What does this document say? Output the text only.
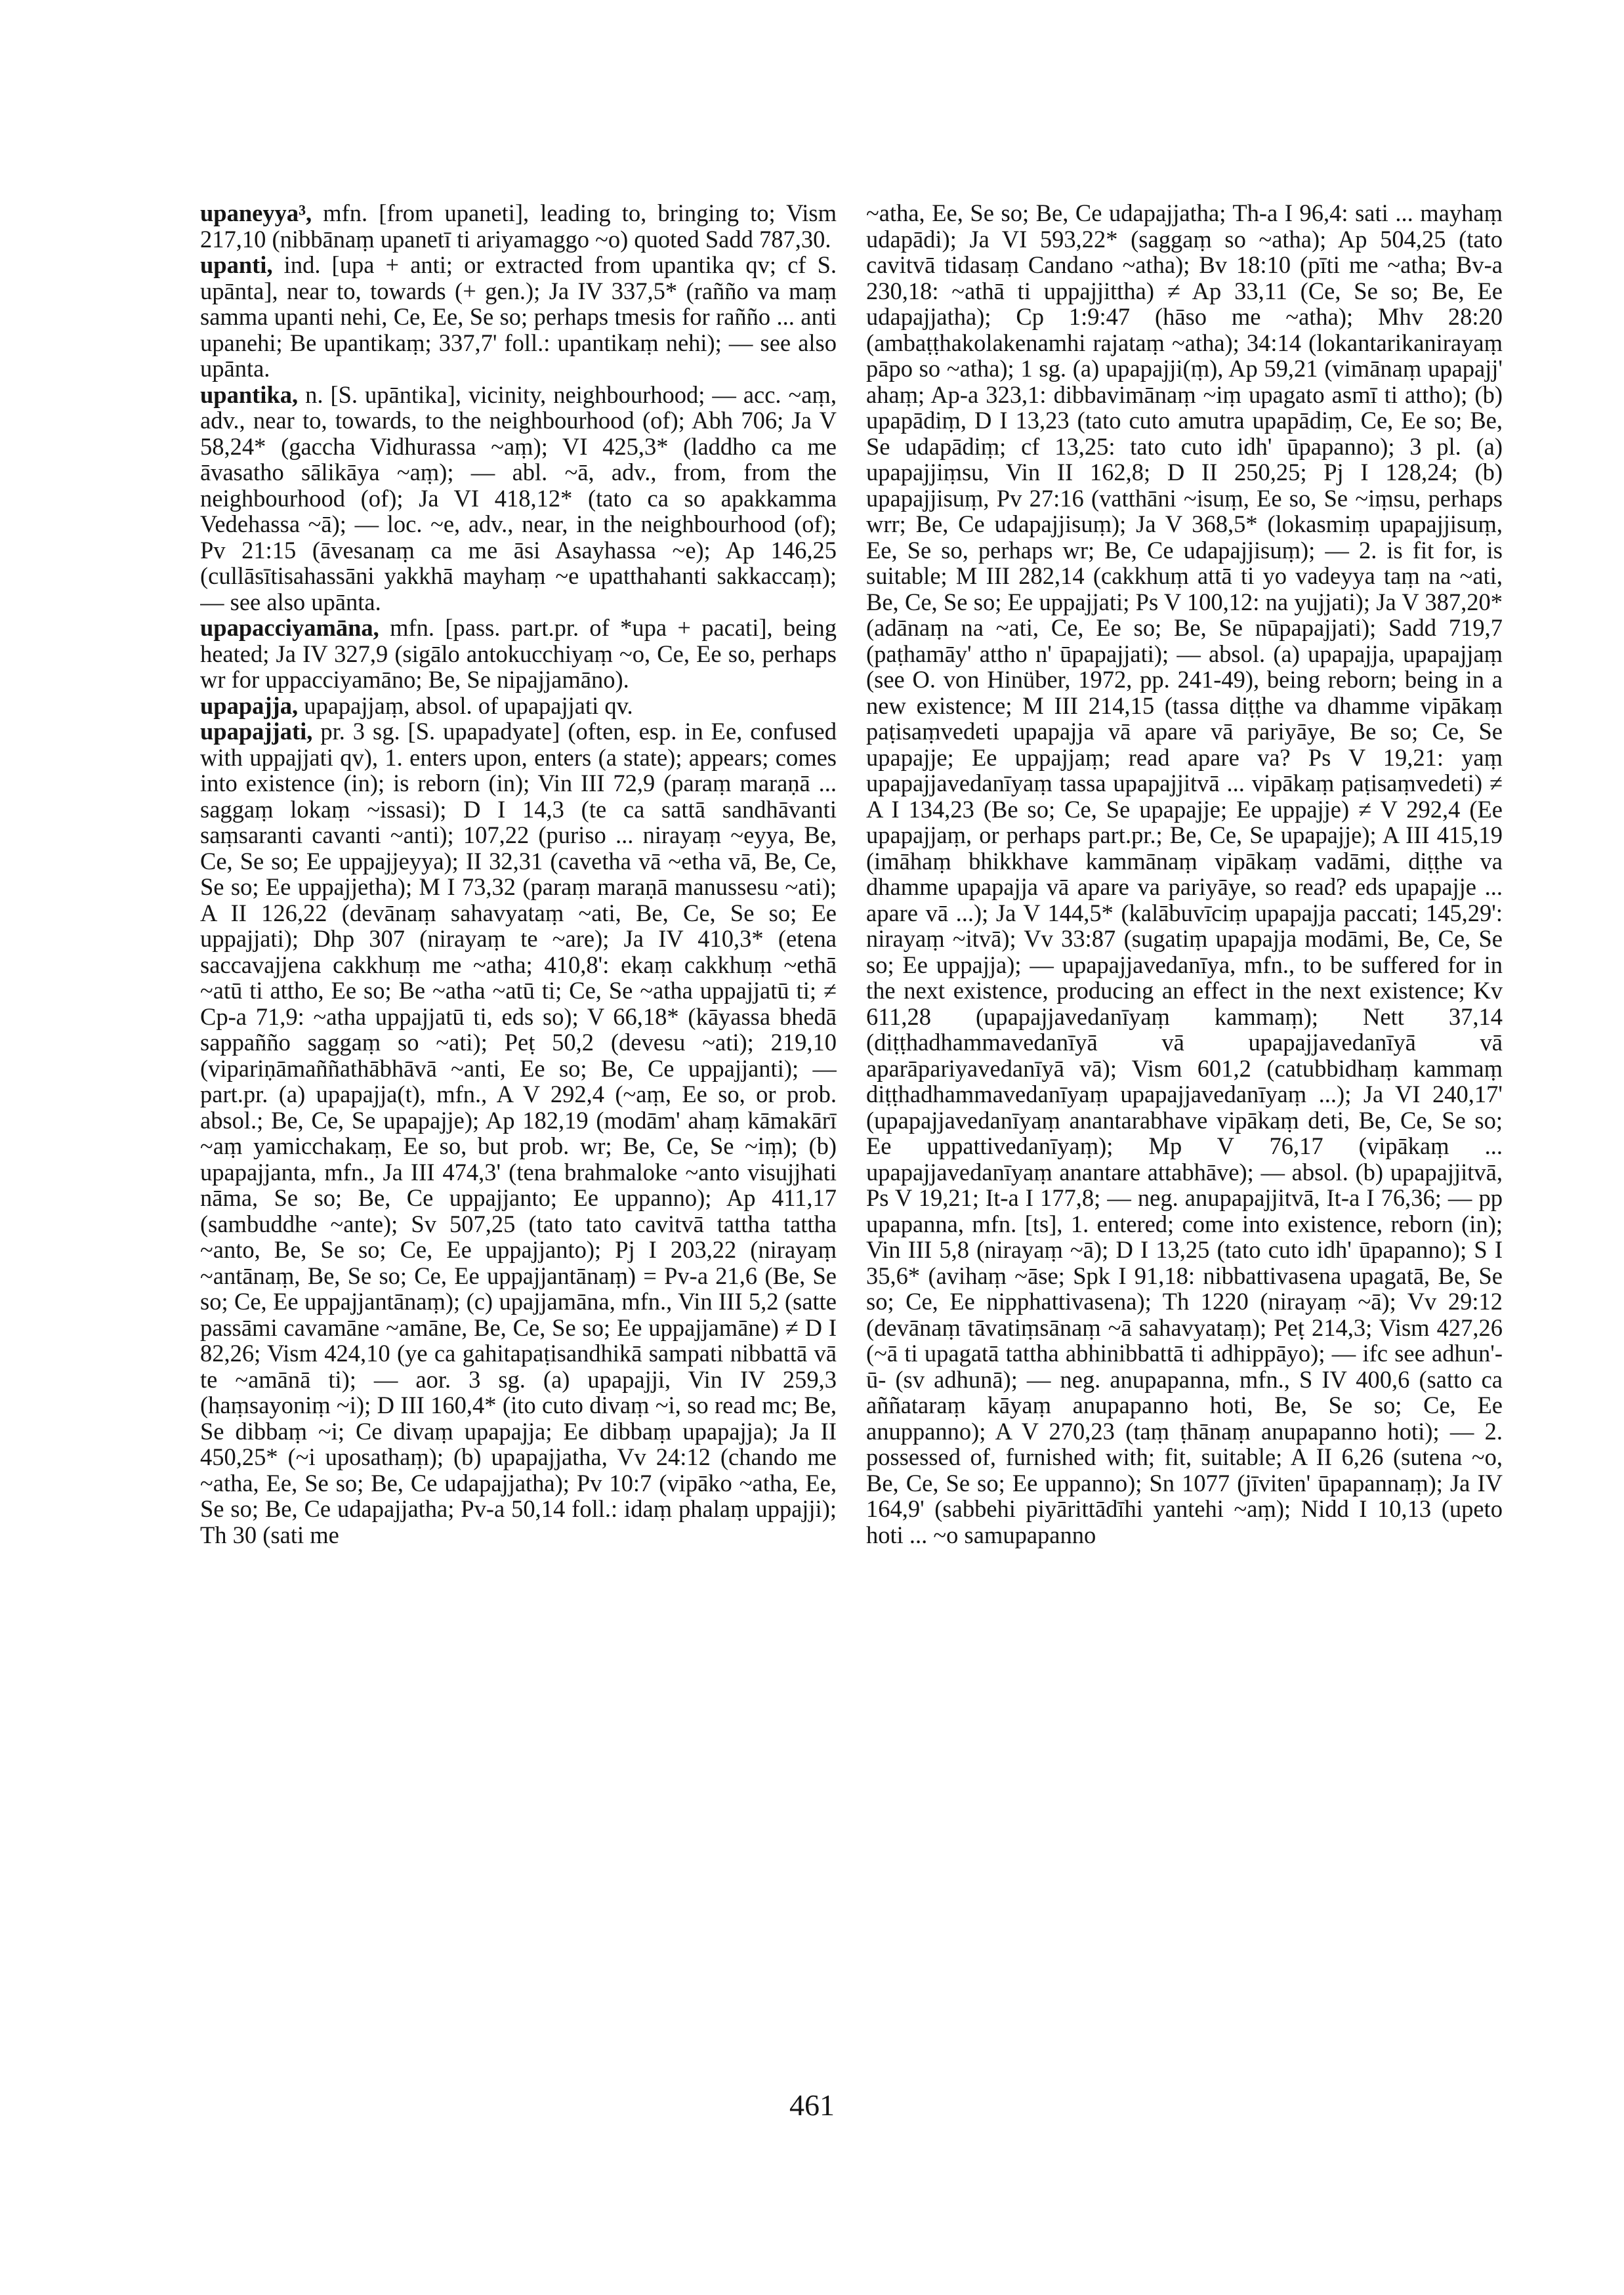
upaneyya³, mfn. [from upaneti], leading to, bringing to; Vism 217,10 (nibbānaṃ upanetī ti ariyamaggo ~o) quoted Sadd 787,30.

upanti, ind. [upa + anti; or extracted from upantika qv; cf S. upānta], near to, towards (+ gen.); Ja IV 337,5* (raññо va maṃ samma upanti nehi, Ce, Ee, Se so; perhaps tmesis for raññо ... anti upanehi; Be upantikaṃ; 337,7' foll.: upantikaṃ nehi); — see also upānta.

upantika, n. [S. upāntika], vicinity, neighbourhood; — acc. ~aṃ, adv., near to, towards, to the neighbourhood (of); Abh 706; Ja V 58,24* (gaccha Vidhurassa ~aṃ); VI 425,3* (laddho ca me āvasatho sālikāya ~aṃ); — abl. ~ā, adv., from, from the neighbourhood (of); Ja VI 418,12* (tato ca so apakkamma Vedehassa ~ā); — loc. ~e, adv., near, in the neighbourhood (of); Pv 21:15 (āvesanaṃ ca me āsi Asayhassa ~e); Ap 146,25 (cullāsītisahassāni yakkhā mayhaṃ ~e upatthahanti sakkaccaṃ); — see also upānta.

upapacciyamāna, mfn. [pass. part.pr. of *upa + pacati], being heated; Ja IV 327,9 (sigālo antokucchiyaṃ ~o, Ce, Ee so, perhaps wr for uppacciyamāno; Be, Se nipajjamāno).

upapajja, upapajjaṃ, absol. of upapajjati qv.

upapajjati, pr. 3 sg. [S. upapadyate] (often, esp. in Ee, confused with uppajjati qv), 1. enters upon, enters (a state); appears; comes into existence (in); is reborn (in); Vin III 72,9 (paraṃ maraṇā ... saggaṃ lokaṃ ~issasi); D I 14,3 (te ca sattā sandhāvanti saṃsaranti cavanti ~anti); 107,22 (puriso ... nirayaṃ ~eyya, Be, Ce, Se so; Ee uppajjeyya); II 32,31 (cavetha vā ~etha vā, Be, Ce, Se so; Ee uppajjetha); M I 73,32 (paraṃ maraṇā manussesu ~ati); A II 126,22 (devānaṃ sahavyataṃ ~ati, Be, Ce, Se so; Ee uppajjati); Dhp 307 (nirayaṃ te ~are); Ja IV 410,3* (etena saccavajjena cakkhuṃ me ~atha; 410,8': ekaṃ cakkhuṃ ~ethā ~atū ti attho, Ee so; Be ~atha ~atū ti; Ce, Se ~atha uppajjatū ti; ≠ Cp-a 71,9: ~atha uppajjatū ti, eds so); V 66,18* (kāyassa bhedā sappañño saggaṃ so ~ati); Peṭ 50,2 (devesu ~ati); 219,10 (vipariṇāmaññathābhāvā ~anti, Ee so; Be, Ce uppajjanti); — part.pr. (a) upapajja(t), mfn., A V 292,4 (~aṃ, Ee so, or prob. absol.; Be, Ce, Se upapajje); Ap 182,19 (modām' ahaṃ kāmakārī ~aṃ yamicchakaṃ, Ee so, but prob. wr; Be, Ce, Se ~iṃ); (b) upapajjanta, mfn., Ja III 474,3' (tena brahmaloke ~anto visujjhati nāma, Se so; Be, Ce uppajjanto; Ee uppanno); Ap 411,17 (sambuddhe ~ante); Sv 507,25 (tato tato cavitvā tattha tattha ~anto, Be, Se so; Ce, Ee uppajjanto); Pj I 203,22 (nirayaṃ ~antānaṃ, Be, Se so; Ce, Ee uppajjantānaṃ) = Pv-a 21,6 (Be, Se so; Ce, Ee uppajjantānaṃ); (c) upajjamāna, mfn., Vin III 5,2 (satte passāmi cavamāne ~amāne, Be, Ce, Se so; Ee uppajjamāne) ≠ D I 82,26; Vism 424,10 (ye ca gahitapaṭisandhikā sampati nibbattā vā te ~amānā ti); — aor. 3 sg. (a) upapajji, Vin IV 259,3 (haṃsayoniṃ ~i); D III 160,4* (ito cuto divaṃ ~i, so read mc; Be, Se dibbaṃ ~i; Ce divaṃ upapajja; Ee dibbaṃ upapajja); Ja II 450,25* (~i uposathaṃ); (b) upapajjatha, Vv 24:12 (chando me ~atha, Ee, Se so; Be, Ce udapajjatha); Pv 10:7 (vipāko ~atha, Ee, Se so; Be, Ce udapajjatha; Pv-a 50,14 foll.: idaṃ phalaṃ uppajji); Th 30 (sati me

~atha, Ee, Se so; Be, Ce udapajjatha; Th-a I 96,4: sati ... mayhaṃ udapādi); Ja VI 593,22* (saggaṃ so ~atha); Ap 504,25 (tato cavitvā tidasaṃ Candano ~atha); Bv 18:10 (pīti me ~atha; Bv-a 230,18: ~athā ti uppajjittha) ≠ Ap 33,11 (Ce, Se so; Be, Ee udapajjatha); Cp 1:9:47 (hāso me ~atha); Mhv 28:20 (ambaṭṭhakolakenamhi rajataṃ ~atha); 34:14 (lokantarikanirayaṃ pāpo so ~atha); 1 sg. (a) upapajji(ṃ), Ap 59,21 (vimānaṃ upapajj' ahaṃ; Ap-a 323,1: dibbavimānaṃ ~iṃ upagato asmī ti attho); (b) upapādiṃ, D I 13,23 (tato cuto amutra upapādiṃ, Ce, Ee so; Be, Se udapādiṃ; cf 13,25: tato cuto idh' ūpapanno); 3 pl. (a) upapajjiṃsu, Vin II 162,8; D II 250,25; Pj I 128,24; (b) upapajjisuṃ, Pv 27:16 (vatthāni ~isuṃ, Ee so, Se ~iṃsu, perhaps wrr; Be, Ce udapajjisuṃ); Ja V 368,5* (lokasmiṃ upapajjisuṃ, Ee, Se so, perhaps wr; Be, Ce udapajjisuṃ); — 2. is fit for, is suitable; M III 282,14 (cakkhuṃ attā ti yo vadeyya taṃ na ~ati, Be, Ce, Se so; Ee uppajjati; Ps V 100,12: na yujjati); Ja V 387,20* (adānaṃ na ~ati, Ce, Ee so; Be, Se nūpapajjati); Sadd 719,7 (paṭhamāy' attho n' ūpapajjati); — absol. (a) upapajja, upapajjaṃ (see O. von Hinüber, 1972, pp. 241-49), being reborn; being in a new existence; M III 214,15 (tassa diṭṭhe va dhamme vipākaṃ paṭisaṃvedeti upapajja vā apare vā pariyāye, Be so; Ce, Se upapajje; Ee uppajjaṃ; read apare va? Ps V 19,21: yaṃ upapajjavedanīyaṃ tassa upapajjitvā ... vipākaṃ paṭisaṃvedeti) ≠ A I 134,23 (Be so; Ce, Se upapajje; Ee uppajje) ≠ V 292,4 (Ee upapajjaṃ, or perhaps part.pr.; Be, Ce, Se upapajje); A III 415,19 (imāhaṃ bhikkhave kammānaṃ vipākaṃ vadāmi, diṭṭhe va dhamme upapajja vā apare va pariyāye, so read? eds upapajje ... apare vā ...); Ja V 144,5* (kalābuvīciṃ upapajja paccati; 145,29': nirayaṃ ~itvā); Vv 33:87 (sugatiṃ upapajja modāmi, Be, Ce, Se so; Ee uppajja); — upapajjavedanīya, mfn., to be suffered for in the next existence, producing an effect in the next existence; Kv 611,28 (upapajjavedanīyaṃ kammaṃ); Nett 37,14 (diṭṭhadhammavedanīyā vā upapajjavedanīyā vā aparāpariyavedanīyā vā); Vism 601,2 (catubbidhaṃ kammaṃ diṭṭhadhammavedanīyaṃ upapajjavedanīyaṃ ...); Ja VI 240,17' (upapajjavedanīyaṃ anantarabhave vipākaṃ deti, Be, Ce, Se so; Ee uppattivedanīyaṃ); Mp V 76,17 (vipākaṃ ... upapajjavedanīyaṃ anantare attabhāve); — absol. (b) upapajjitvā, Ps V 19,21; It-a I 177,8; — neg. anupapajjitvā, It-a I 76,36; — pp upapanna, mfn. [ts], 1. entered; come into existence, reborn (in); Vin III 5,8 (nirayaṃ ~ā); D I 13,25 (tato cuto idh' ūpapanno); S I 35,6* (avihaṃ ~āse; Spk I 91,18: nibbattivasena upagatā, Be, Se so; Ce, Ee nipphattivasena); Th 1220 (nirayaṃ ~ā); Vv 29:12 (devānaṃ tāvatiṃsānaṃ ~ā sahavyataṃ); Peṭ 214,3; Vism 427,26 (~ā ti upagatā tattha abhinibbattā ti adhippāyo); — ifc see adhun'-ū- (sv adhunā); — neg. anupapanna, mfn., S IV 400,6 (satto ca aññataraṃ kāyaṃ anupapanno hoti, Be, Se so; Ce, Ee anuppanno); A V 270,23 (taṃ ṭhānaṃ anupapanno hoti); — 2. possessed of, furnished with; fit, suitable; A II 6,26 (sutena ~o, Be, Ce, Se so; Ee uppanno); Sn 1077 (jīviten' ūpapannaṃ); Ja IV 164,9' (sabbehi piyārittādīhi yantehi ~aṃ); Nidd I 10,13 (upeto hoti ... ~o samupapanno

461
